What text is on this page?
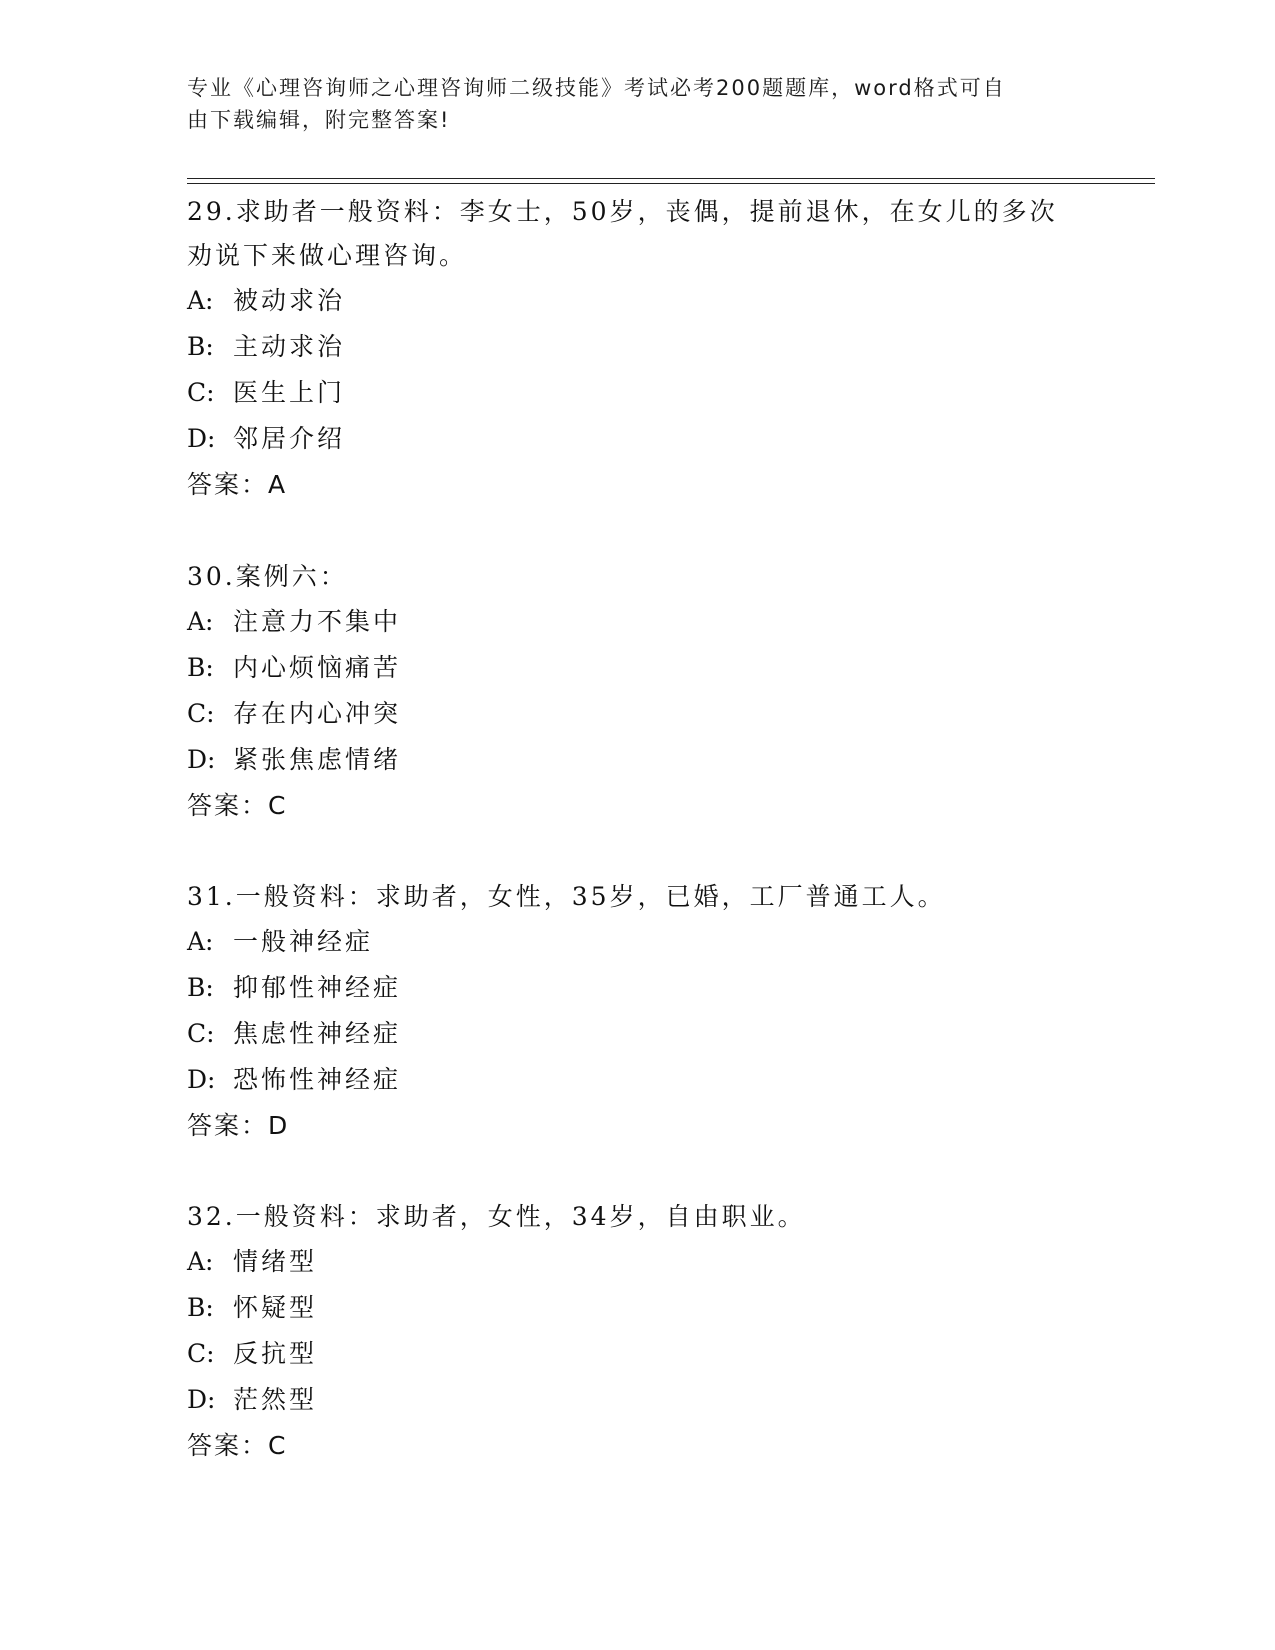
专业《心理咨询师之心理咨询师二级技能》考试必考200题题库，word格式可自
由下载编辑，附完整答案!

29.求助者一般资料：李女士，50岁，丧偶，提前退休，在女儿的多次
劝说下来做心理咨询。

A: 被动求治

B: 主动求治

C: 医生上门

D: 邻居介绍

答案：A

30.案例六：

A: 注意力不集中

B: 内心烦恼痛苦

C: 存在内心冲突

D: 紧张焦虑情绪

答案：C

31.一般资料：求助者，女性，35岁，已婚，工厂普通工人。

A: 一般神经症

B: 抑郁性神经症

C: 焦虑性神经症

D: 恐怖性神经症

答案：D

32.一般资料：求助者，女性，34岁，自由职业。

A: 情绪型

B: 怀疑型

C: 反抗型

D: 茫然型

答案：C
